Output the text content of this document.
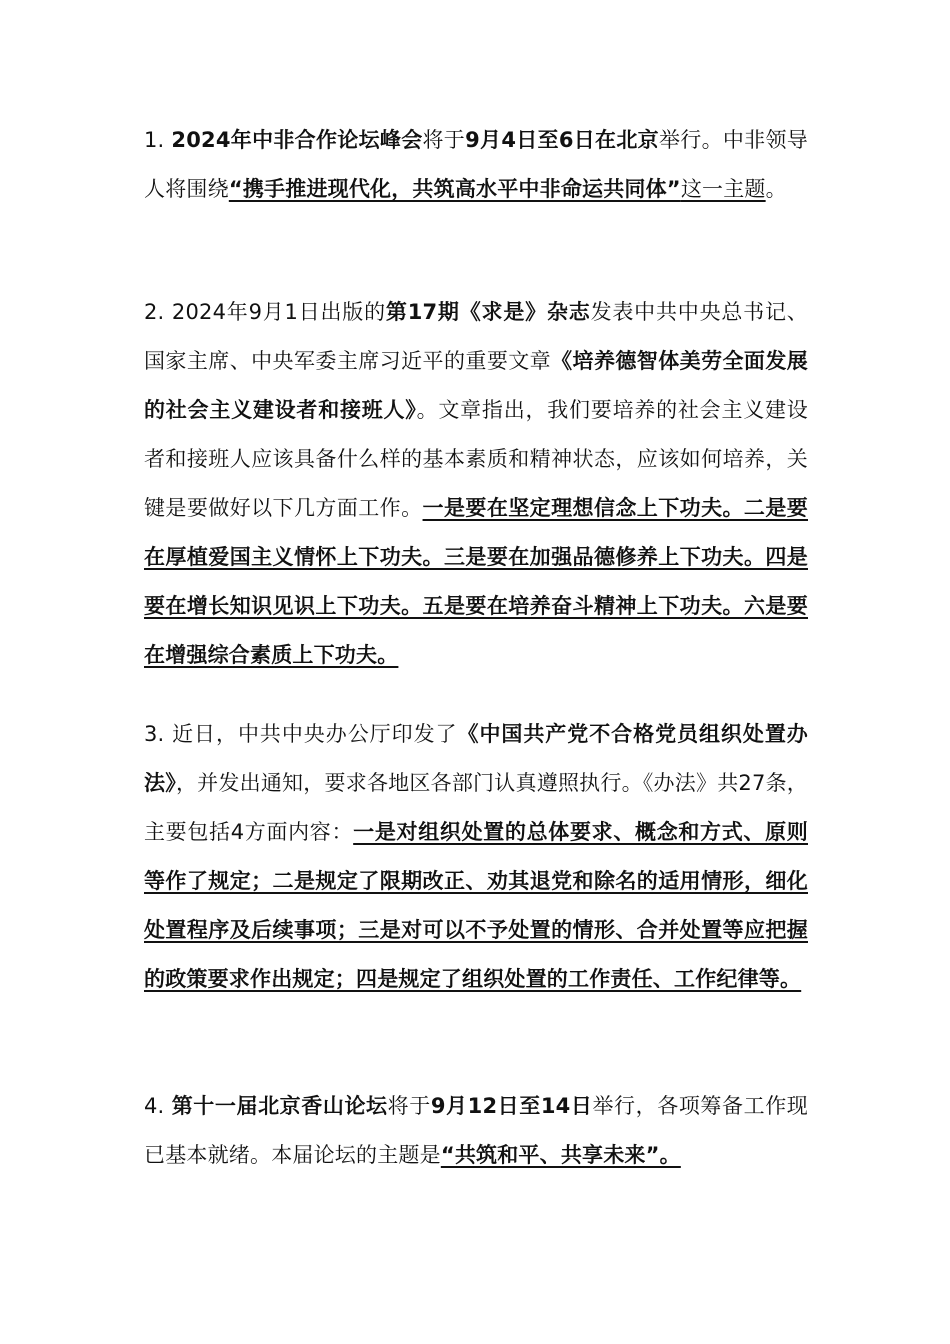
1. 2024年中非合作论坛峰会将于9月4日至6日在北京举行。中非领导人将围绕“携手推进现代化，共筑高水平中非命运共同体”这一主题。

2. 2024年9月1日出版的第17期《求是》杂志发表中共中央总书记、国家主席、中央军委主席习近平的重要文章《培养德智体美劳全面发展的社会主义建设者和接班人》。文章指出，我们要培养的社会主义建设者和接班人应该具备什么样的基本素质和精神状态，应该如何培养，关键是要做好以下几方面工作。一是要在坚定理想信念上下功夫。二是要在厚植爱国主义情怀上下功夫。三是要在加强品德修养上下功夫。四是要在增长知识见识上下功夫。五是要在培养奋斗精神上下功夫。六是要在增强综合素质上下功夫。

3. 近日，中共中央办公厅印发了《中国共产党不合格党员组织处置办法》，并发出通知，要求各地区各部门认真遵照执行。《办法》共27条，主要包括4方面内容：一是对组织处置的总体要求、概念和方式、原则等作了规定；二是规定了限期改正、劝其退党和除名的适用情形，细化处置程序及后续事项；三是对可以不予处置的情形、合并处置等应把握的政策要求作出规定；四是规定了组织处置的工作责任、工作纪律等。

4. 第十一届北京香山论坛将于9月12日至14日举行，各项筹备工作现已基本就绪。本届论坛的主题是“共筑和平、共享未来”。
